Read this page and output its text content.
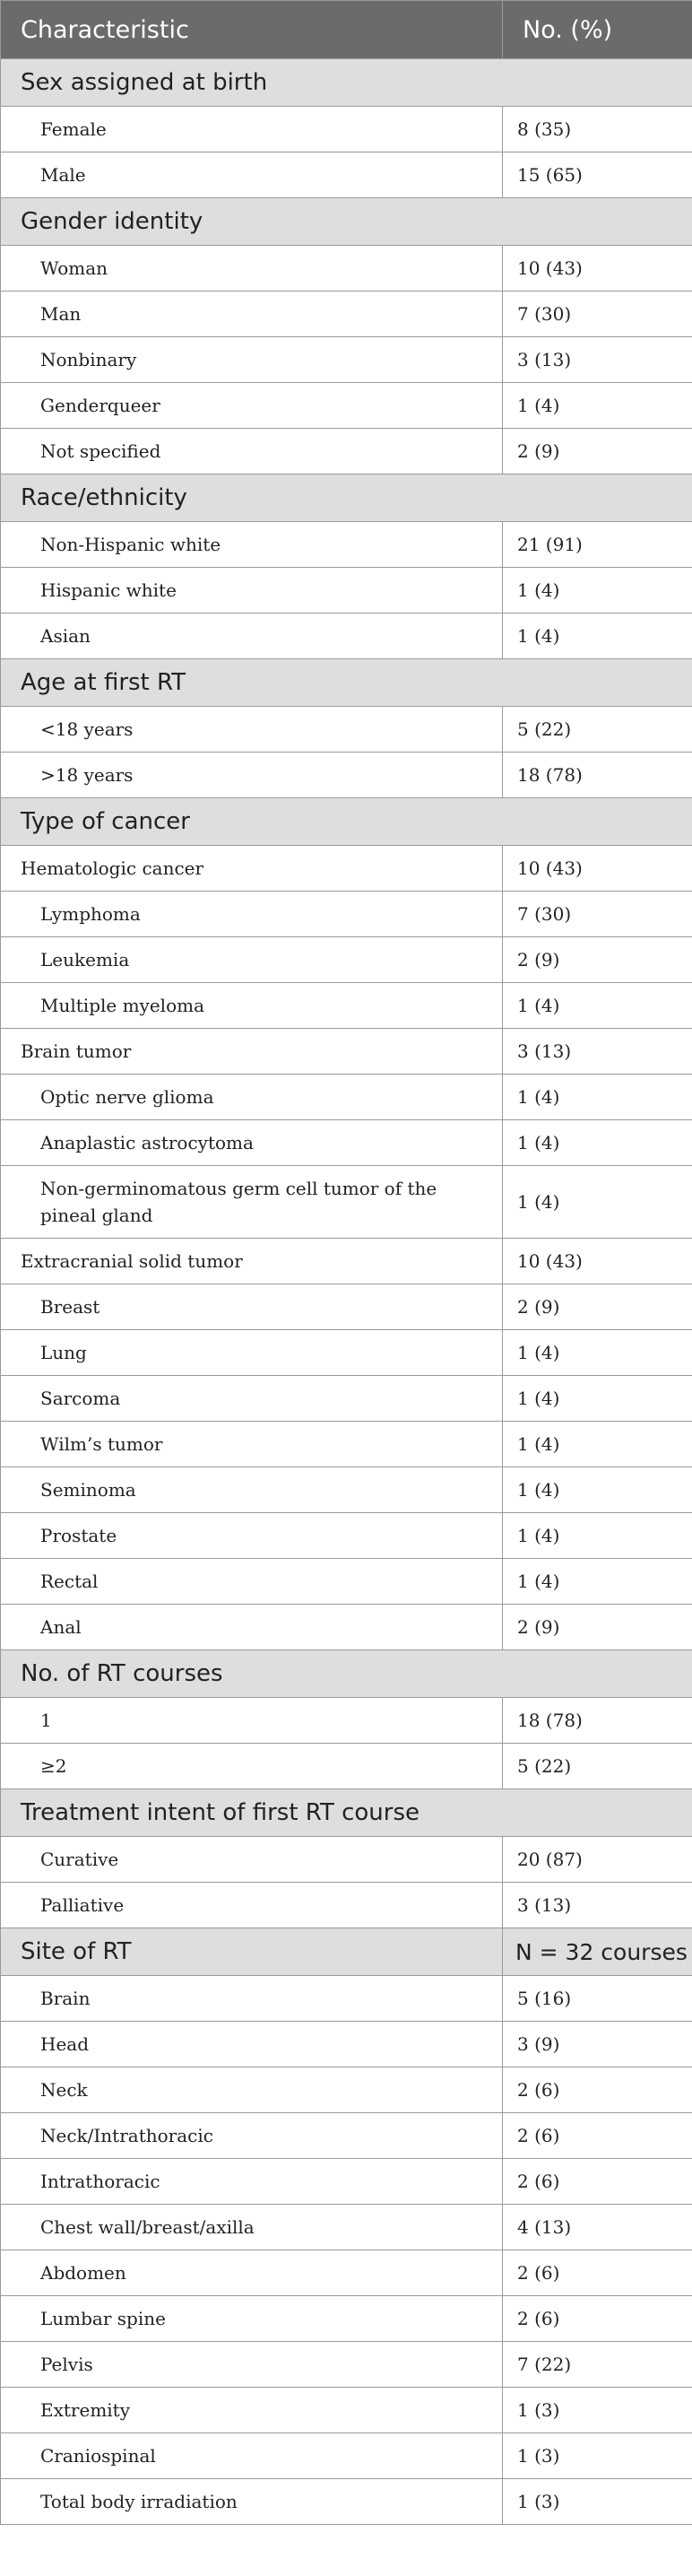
Characteristic	No. (%)
Sex assigned at birth	
Female	8 (35)
Male	15 (65)
Gender identity	
Woman	10 (43)
Man	7 (30)
Nonbinary	3 (13)
Genderqueer	1 (4)
Not specified	2 (9)
Race/ethnicity	
Non-Hispanic white	21 (91)
Hispanic white	1 (4)
Asian	1 (4)
Age at first RT	
<18 years	5 (22)
>18 years	18 (78)
Type of cancer	
Hematologic cancer	10 (43)
Lymphoma	7 (30)
Leukemia	2 (9)
Multiple myeloma	1 (4)
Brain tumor	3 (13)
Optic nerve glioma	1 (4)
Anaplastic astrocytoma	1 (4)
Non-germinomatous germ cell tumor of the pineal gland	1 (4)
Extracranial solid tumor	10 (43)
Breast	2 (9)
Lung	1 (4)
Sarcoma	1 (4)
Wilm’s tumor	1 (4)
Seminoma	1 (4)
Prostate	1 (4)
Rectal	1 (4)
Anal	2 (9)
No. of RT courses	
1	18 (78)
≥2	5 (22)
Treatment intent of first RT course	
Curative	20 (87)
Palliative	3 (13)
Site of RT	N = 32 courses
Brain	5 (16)
Head	3 (9)
Neck	2 (6)
Neck/Intrathoracic	2 (6)
Intrathoracic	2 (6)
Chest wall/breast/axilla	4 (13)
Abdomen	2 (6)
Lumbar spine	2 (6)
Pelvis	7 (22)
Extremity	1 (3)
Craniospinal	1 (3)
Total body irradiation	1 (3)
